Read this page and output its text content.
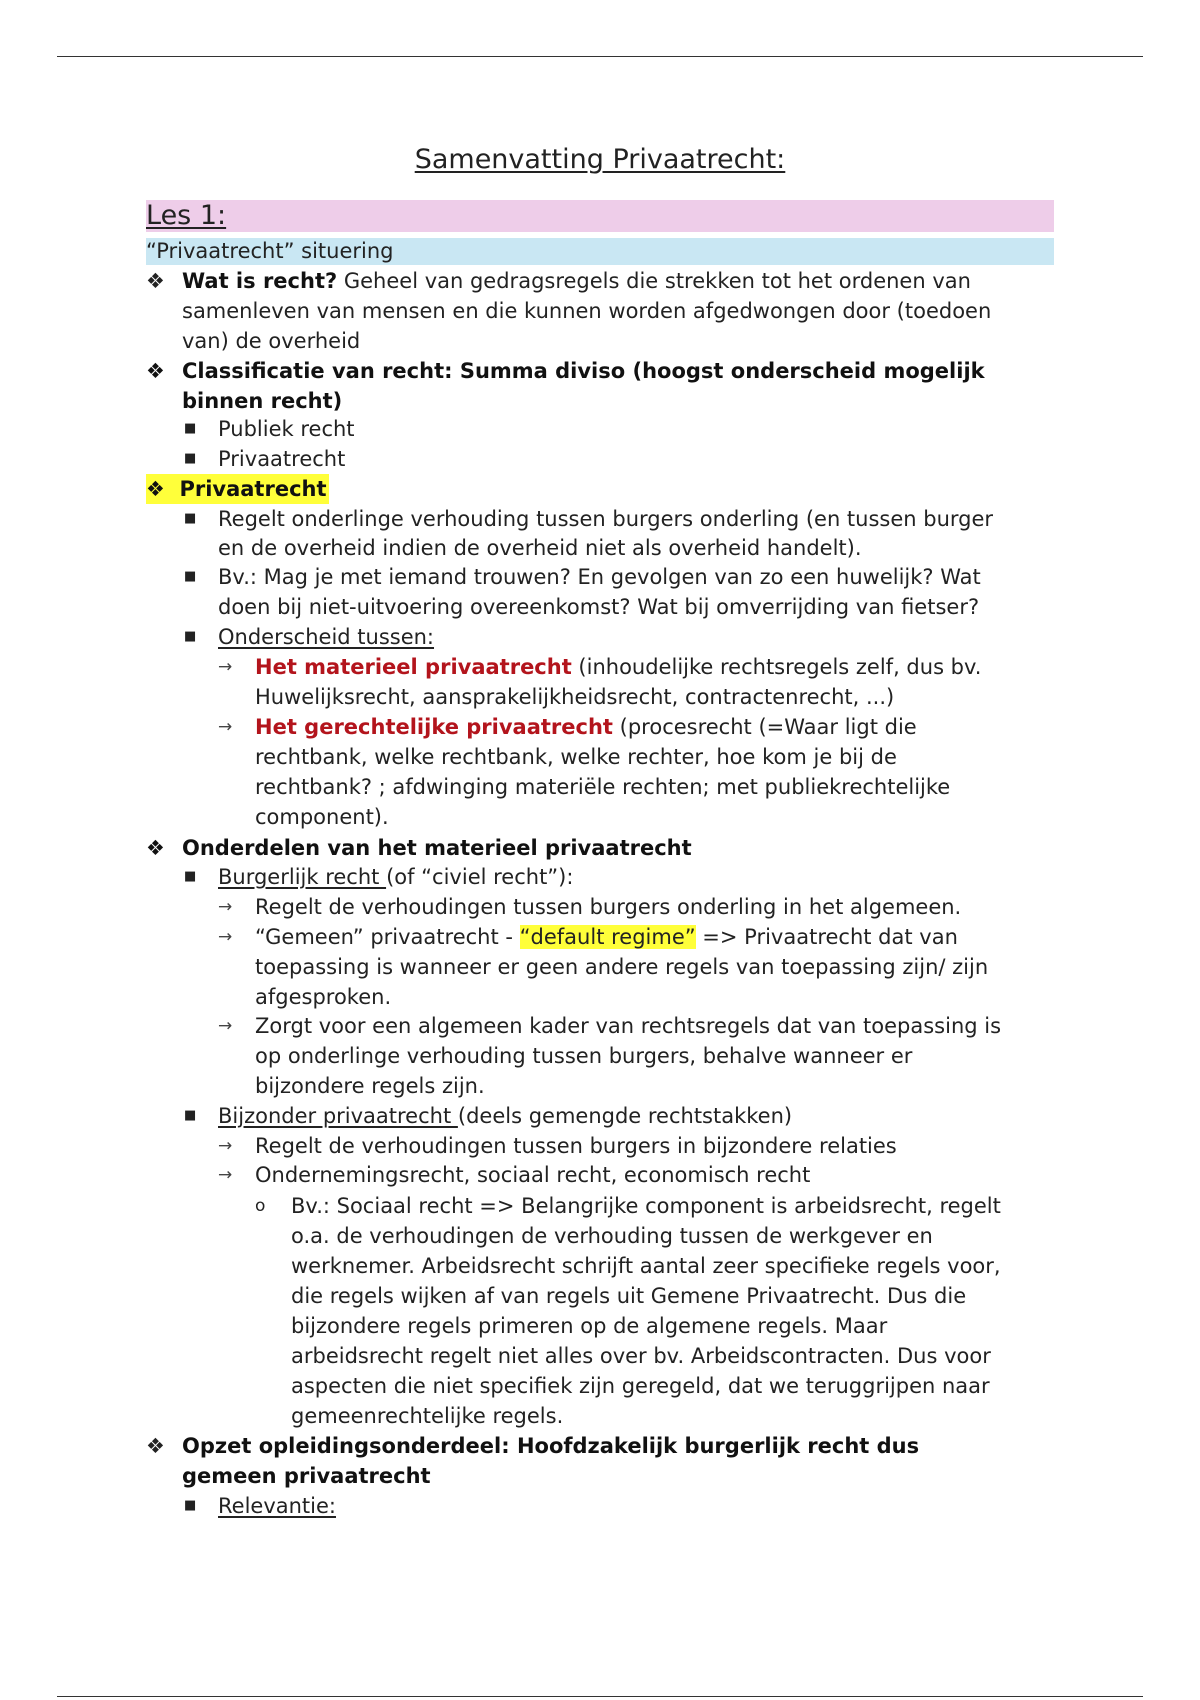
Samenvatting Privaatrecht:
Les 1:
“Privaatrecht” situering
❖ Wat is recht? Geheel van gedragsregels die strekken tot het ordenen van
samenleven van mensen en die kunnen worden afgedwongen door (toedoen
van) de overheid
❖ Classificatie van recht: Summa diviso (hoogst onderscheid mogelijk
binnen recht)
■ Publiek recht
■ Privaatrecht
❖ Privaatrecht
■ Regelt onderlinge verhouding tussen burgers onderling (en tussen burger
en de overheid indien de overheid niet als overheid handelt).
■ Bv.: Mag je met iemand trouwen? En gevolgen van zo een huwelijk? Wat
doen bij niet-uitvoering overeenkomst? Wat bij omverrijding van fietser?
■ Onderscheid tussen:
→ Het materieel privaatrecht (inhoudelijke rechtsregels zelf, dus bv.
Huwelijksrecht, aansprakelijkheidsrecht, contractenrecht, ...)
→ Het gerechtelijke privaatrecht (procesrecht (=Waar ligt die
rechtbank, welke rechtbank, welke rechter, hoe kom je bij de
rechtbank? ; afdwinging materiële rechten; met publiekrechtelijke
component).
❖ Onderdelen van het materieel privaatrecht
■ Burgerlijk recht (of “civiel recht”):
→ Regelt de verhoudingen tussen burgers onderling in het algemeen.
→ “Gemeen” privaatrecht - “default regime” => Privaatrecht dat van
toepassing is wanneer er geen andere regels van toepassing zijn/ zijn
afgesproken.
→ Zorgt voor een algemeen kader van rechtsregels dat van toepassing is
op onderlinge verhouding tussen burgers, behalve wanneer er
bijzondere regels zijn.
■ Bijzonder privaatrecht (deels gemengde rechtstakken)
→ Regelt de verhoudingen tussen burgers in bijzondere relaties
→ Ondernemingsrecht, sociaal recht, economisch recht
o Bv.: Sociaal recht => Belangrijke component is arbeidsrecht, regelt
o.a. de verhoudingen de verhouding tussen de werkgever en
werknemer. Arbeidsrecht schrijft aantal zeer specifieke regels voor,
die regels wijken af van regels uit Gemene Privaatrecht. Dus die
bijzondere regels primeren op de algemene regels. Maar
arbeidsrecht regelt niet alles over bv. Arbeidscontracten. Dus voor
aspecten die niet specifiek zijn geregeld, dat we teruggrijpen naar
gemeenrechtelijke regels.
❖ Opzet opleidingsonderdeel: Hoofdzakelijk burgerlijk recht dus
gemeen privaatrecht
■ Relevantie:
